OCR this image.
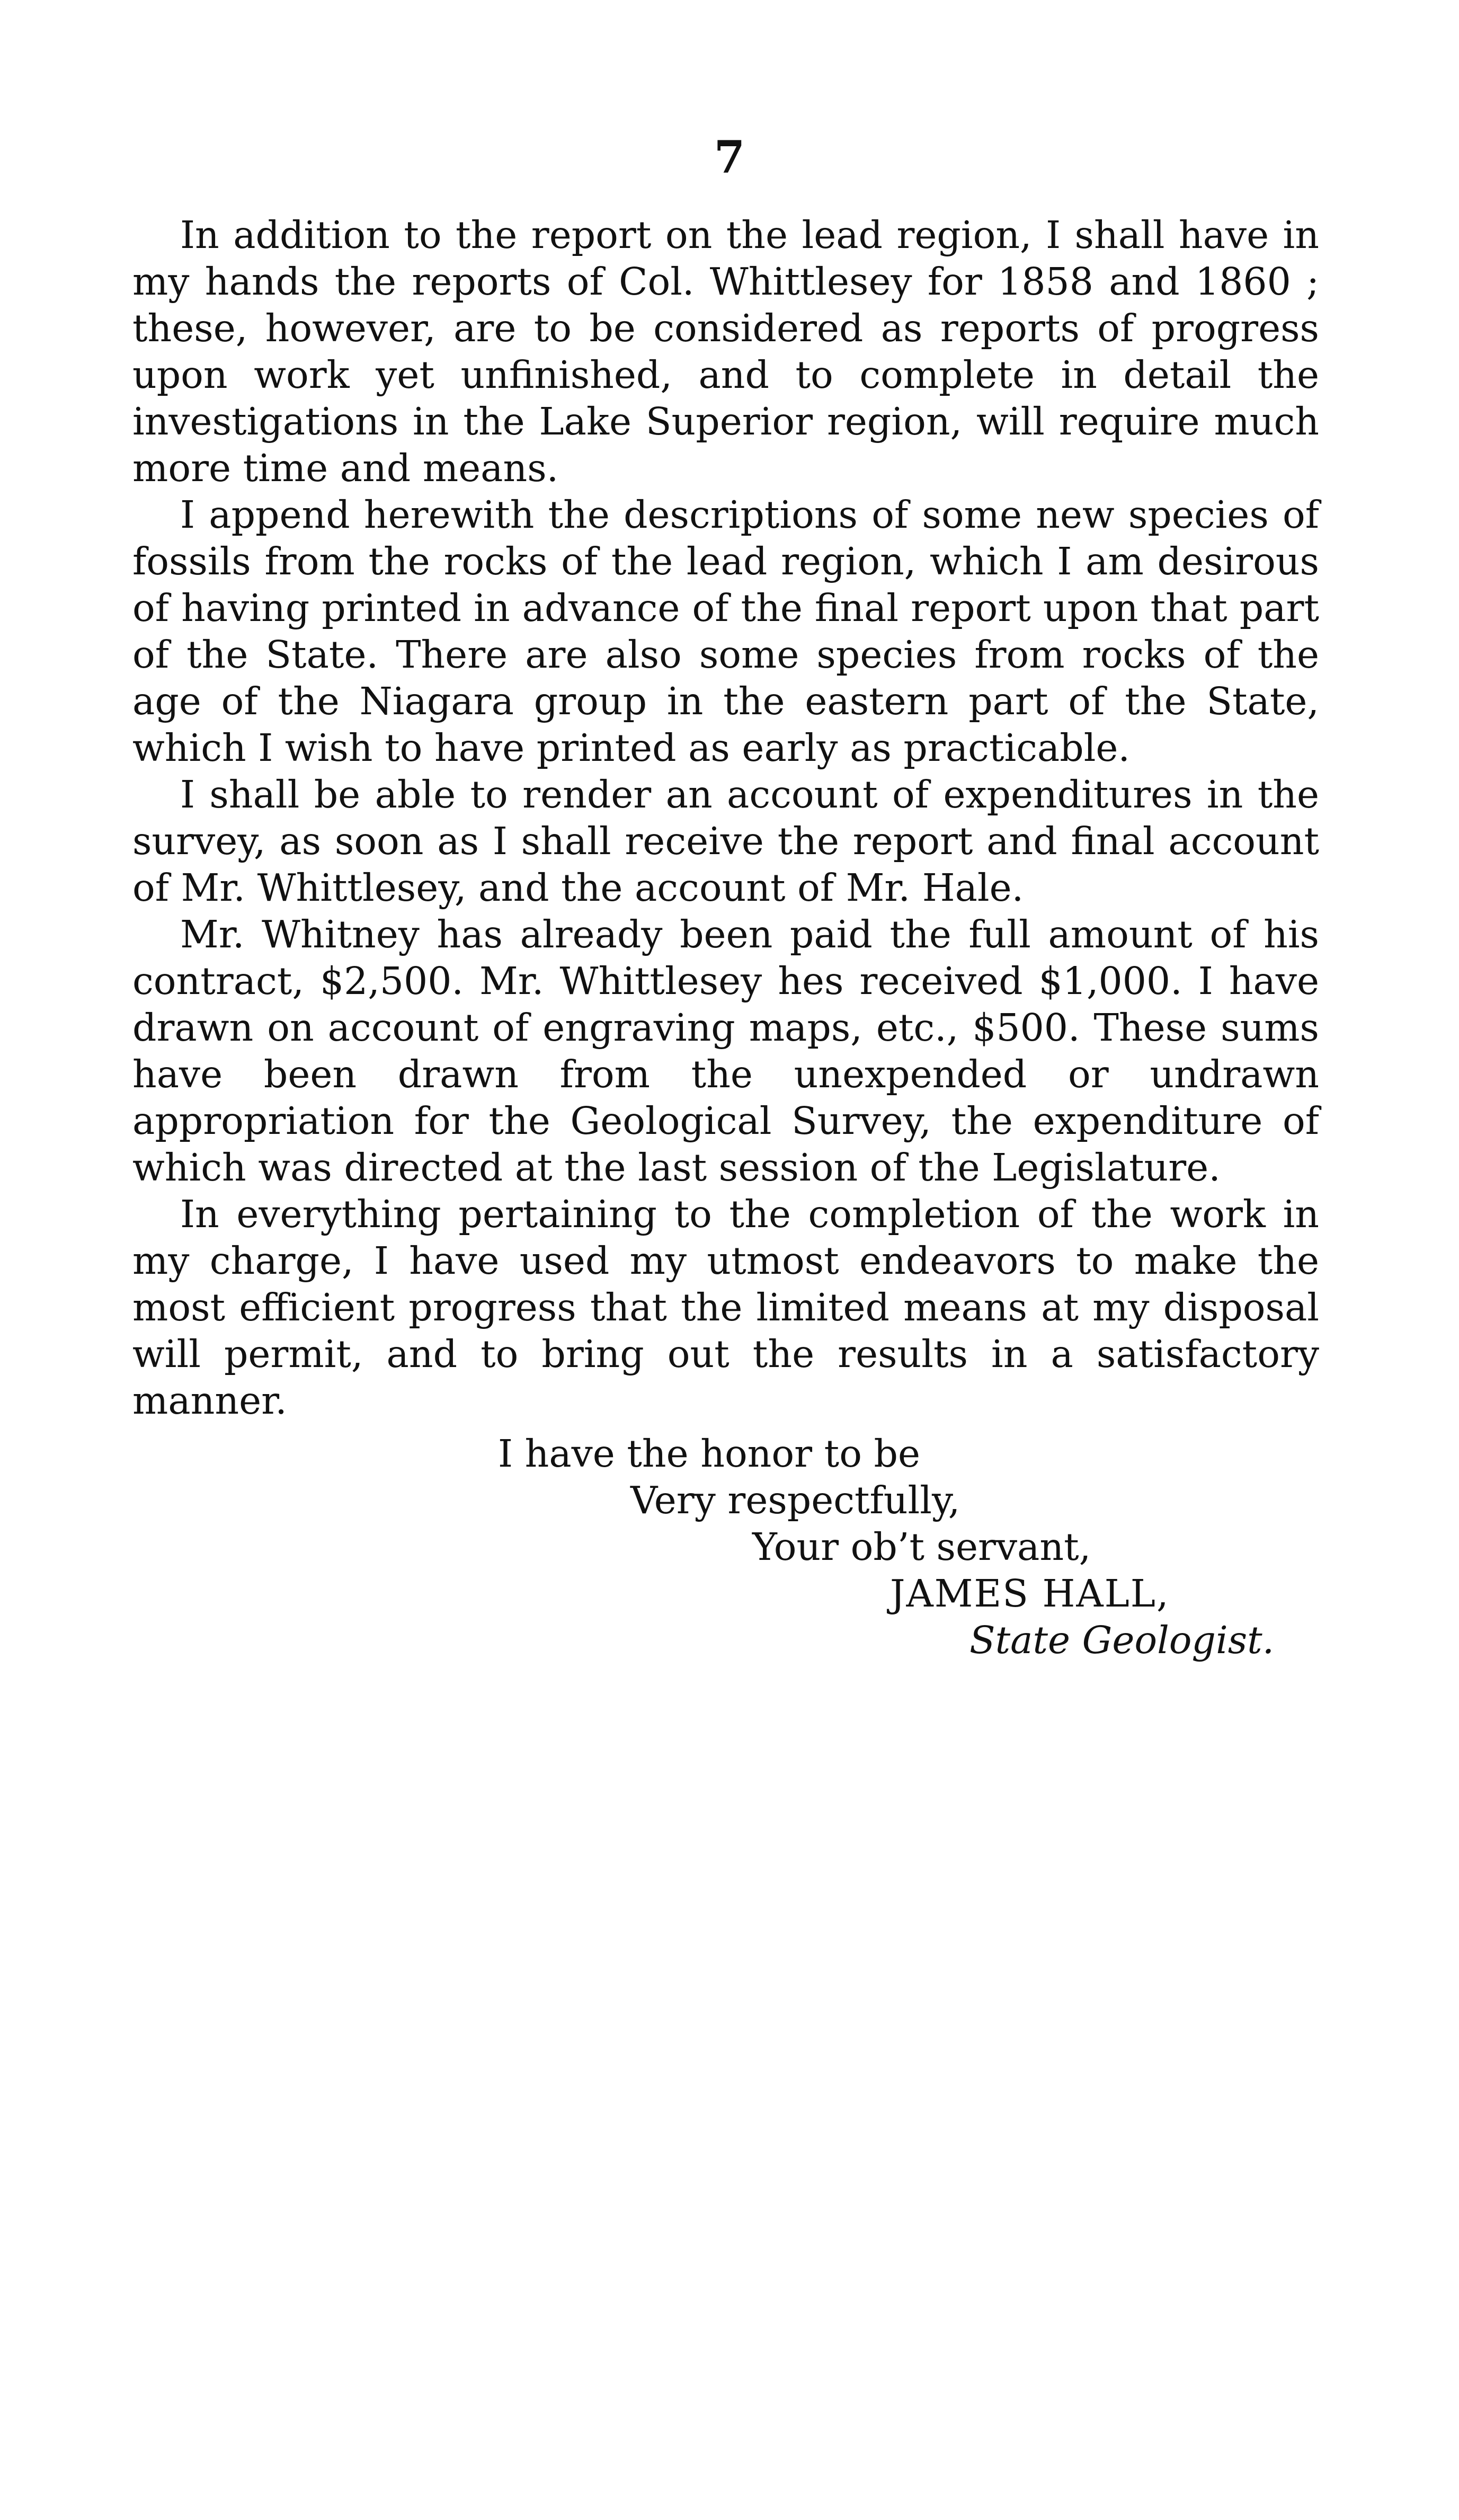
7

In addition to the report on the lead region, I shall have in my hands the reports of Col. Whittlesey for 1858 and 1860 ; these, however, are to be considered as reports of progress upon work yet unfinished, and to complete in detail the investigations in the Lake Superior region, will require much more time and means.

I append herewith the descriptions of some new species of fossils from the rocks of the lead region, which I am desirous of having printed in advance of the final report upon that part of the State. There are also some species from rocks of the age of the Niagara group in the eastern part of the State, which I wish to have printed as early as practicable.

I shall be able to render an account of expenditures in the survey, as soon as I shall receive the report and final account of Mr. Whittlesey, and the account of Mr. Hale.

Mr. Whitney has already been paid the full amount of his contract, $2,500. Mr. Whittlesey hes received $1,000. I have drawn on account of engraving maps, etc., $500. These sums have been drawn from the unexpended or undrawn appropriation for the Geological Survey, the expenditure of which was directed at the last session of the Legislature.

In everything pertaining to the completion of the work in my charge, I have used my utmost endeavors to make the most efficient progress that the limited means at my disposal will permit, and to bring out the results in a satisfactory manner.

I have the honor to be
Very respectfully,
Your ob’t servant,
JAMES HALL,
State Geologist.
